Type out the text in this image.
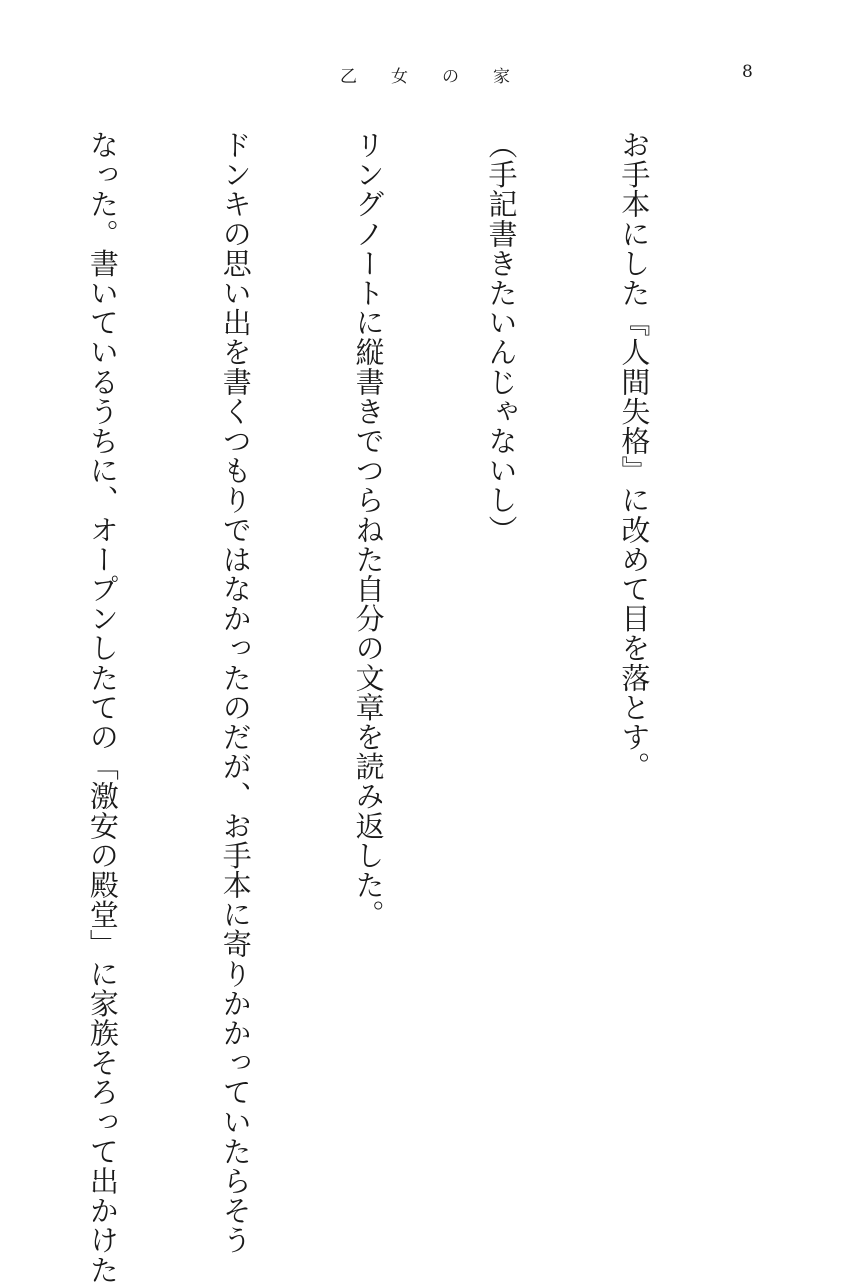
乙 女 の 家	8

お手本にした『人間失格』に改めて目を落とす。

（手記書きたいんじゃないし）

リングノートに縦書きでつらねた自分の文章を読み返した。

ドンキの思い出を書くつもりではなかったのだが、お手本に寄りかかっていたらそう

なった。書いているうちに、オープンしたての「激安の殿堂」に家族そろって出かけた
